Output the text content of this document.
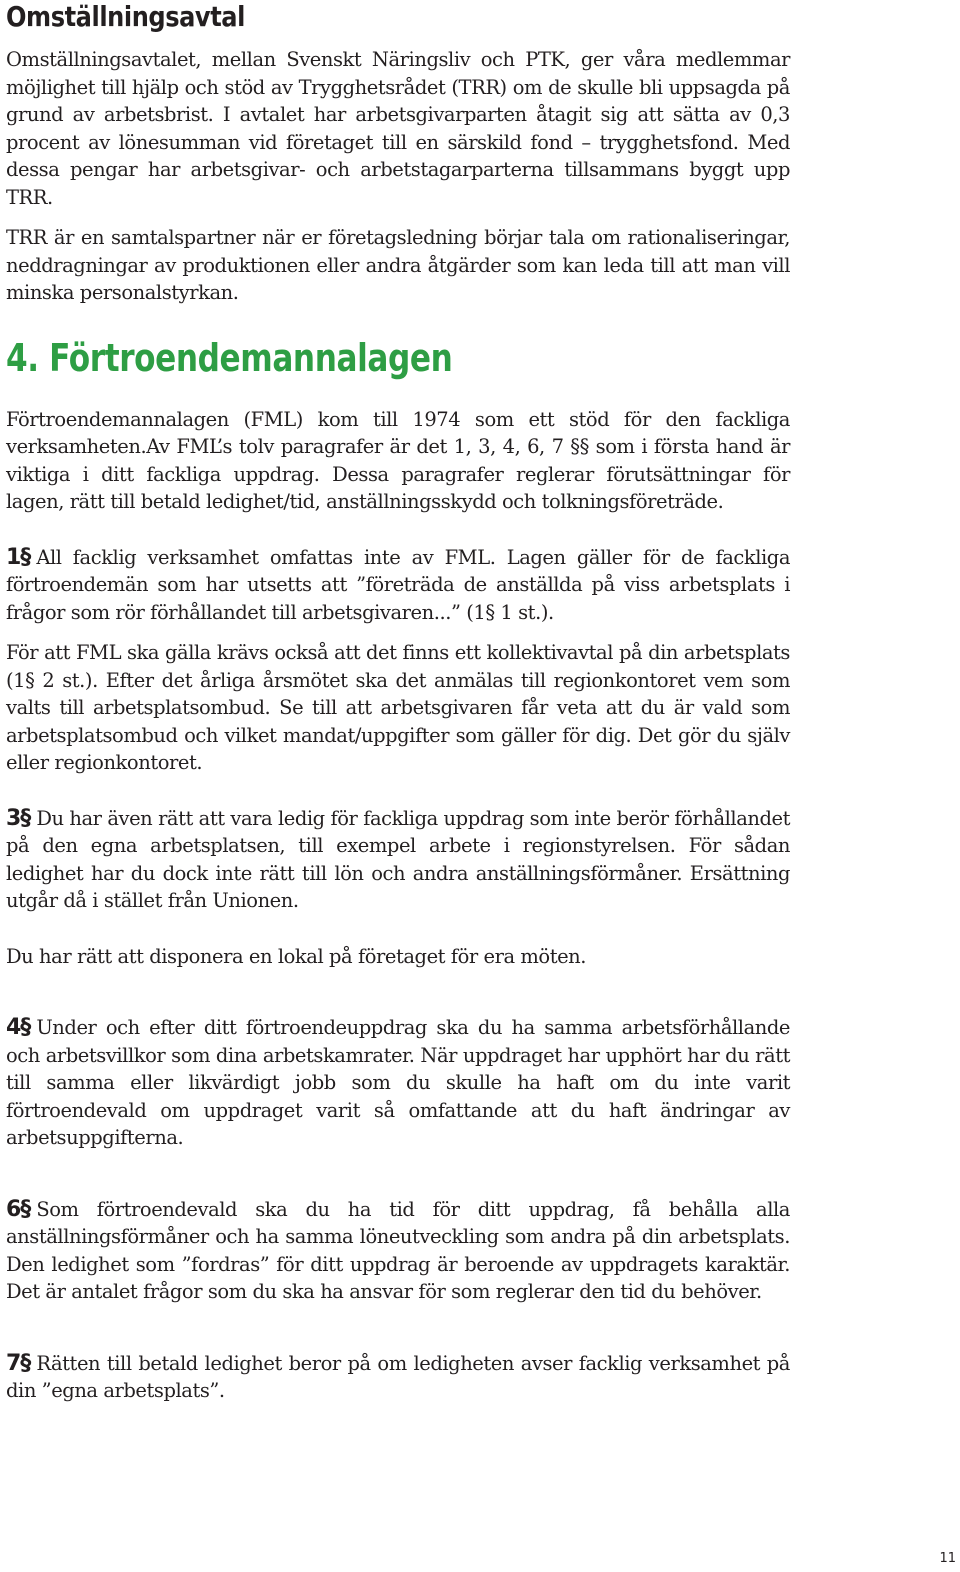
Omställningsavtal

Omställningsavtalet, mellan Svenskt Näringsliv och PTK, ger våra medlemmar möjlighet till hjälp och stöd av Trygghetsrådet (TRR) om de skulle bli uppsagda på grund av arbetsbrist. I avtalet har arbetsgivarparten åtagit sig att sätta av 0,3 procent av lönesumman vid företaget till en särskild fond – trygghetsfond. Med dessa pengar har arbetsgivar- och arbetstagarparterna tillsammans byggt upp TRR.

TRR är en samtalspartner när er företagsledning börjar tala om rationaliseringar, neddragningar av produktionen eller andra åtgärder som kan leda till att man vill minska personalstyrkan.

4. Förtroendemannalagen

Förtroendemannalagen (FML) kom till 1974 som ett stöd för den fackliga verksamheten.Av FML’s tolv paragrafer är det 1, 3, 4, 6, 7 §§ som i första hand är viktiga i ditt fackliga uppdrag. Dessa paragrafer reglerar förutsättningar för lagen, rätt till betald ledighet/tid, anställningsskydd och tolkningsföreträde.

1§ All facklig verksamhet omfattas inte av FML. Lagen gäller för de fackliga förtroendemän som har utsetts att ”företräda de anställda på viss arbetsplats i frågor som rör förhållandet till arbetsgivaren...” (1§ 1 st.).

För att FML ska gälla krävs också att det finns ett kollektivavtal på din arbetsplats (1§ 2 st.). Efter det årliga årsmötet ska det anmälas till regionkontoret vem som valts till arbetsplatsombud. Se till att arbetsgivaren får veta att du är vald som arbetsplatsombud och vilket mandat/uppgifter som gäller för dig. Det gör du själv eller regionkontoret.

3§ Du har även rätt att vara ledig för fackliga uppdrag som inte berör förhållandet på den egna arbetsplatsen, till exempel arbete i regionstyrelsen. För sådan ledighet har du dock inte rätt till lön och andra anställningsförmåner. Ersättning utgår då i stället från Unionen.

Du har rätt att disponera en lokal på företaget för era möten.

4§ Under och efter ditt förtroendeuppdrag ska du ha samma arbetsförhållande och arbetsvillkor som dina arbetskamrater. När uppdraget har upphört har du rätt till samma eller likvärdigt jobb som du skulle ha haft om du inte varit förtroendevald om uppdraget varit så omfattande att du haft ändringar av arbetsuppgifterna.

6§ Som förtroendevald ska du ha tid för ditt uppdrag, få behålla alla anställningsförmåner och ha samma löneutveckling som andra på din arbetsplats. Den ledighet som ”fordras” för ditt uppdrag är beroende av uppdragets karaktär. Det är antalet frågor som du ska ha ansvar för som reglerar den tid du behöver.

7§ Rätten till betald ledighet beror på om ledigheten avser facklig verksamhet på din ”egna arbetsplats”.

11
